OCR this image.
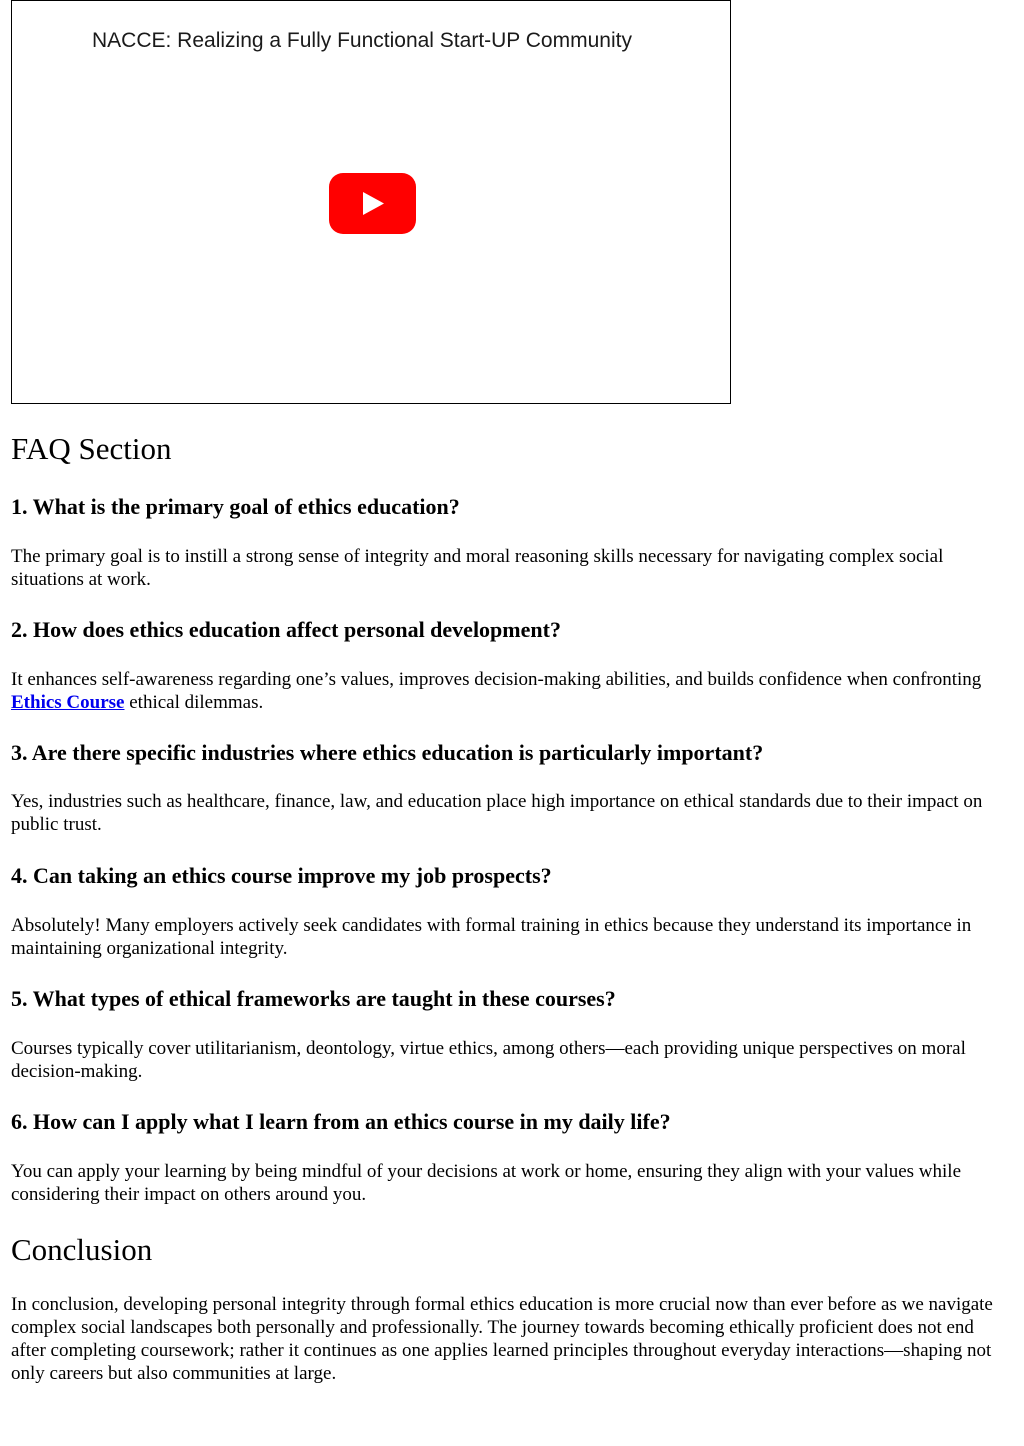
NACCE: Realizing a Fully Functional Start-UP Community
FAQ Section
1. What is the primary goal of ethics education?

The primary goal is to instill a strong sense of integrity and moral reasoning skills necessary for navigating complex social situations at work.

2. How does ethics education affect personal development?

It enhances self-awareness regarding one’s values, improves decision-making abilities, and builds confidence when confronting Ethics Course ethical dilemmas.

3. Are there specific industries where ethics education is particularly important?

Yes, industries such as healthcare, finance, law, and education place high importance on ethical standards due to their impact on public trust.

4. Can taking an ethics course improve my job prospects?

Absolutely! Many employers actively seek candidates with formal training in ethics because they understand its importance in maintaining organizational integrity.

5. What types of ethical frameworks are taught in these courses?

Courses typically cover utilitarianism, deontology, virtue ethics, among others—each providing unique perspectives on moral decision-making.

6. How can I apply what I learn from an ethics course in my daily life?

You can apply your learning by being mindful of your decisions at work or home, ensuring they align with your values while considering their impact on others around you.

Conclusion

In conclusion, developing personal integrity through formal ethics education is more crucial now than ever before as we navigate complex social landscapes both personally and professionally. The journey towards becoming ethically proficient does not end after completing coursework; rather it continues as one applies learned principles throughout everyday interactions—shaping not only careers but also communities at large.
